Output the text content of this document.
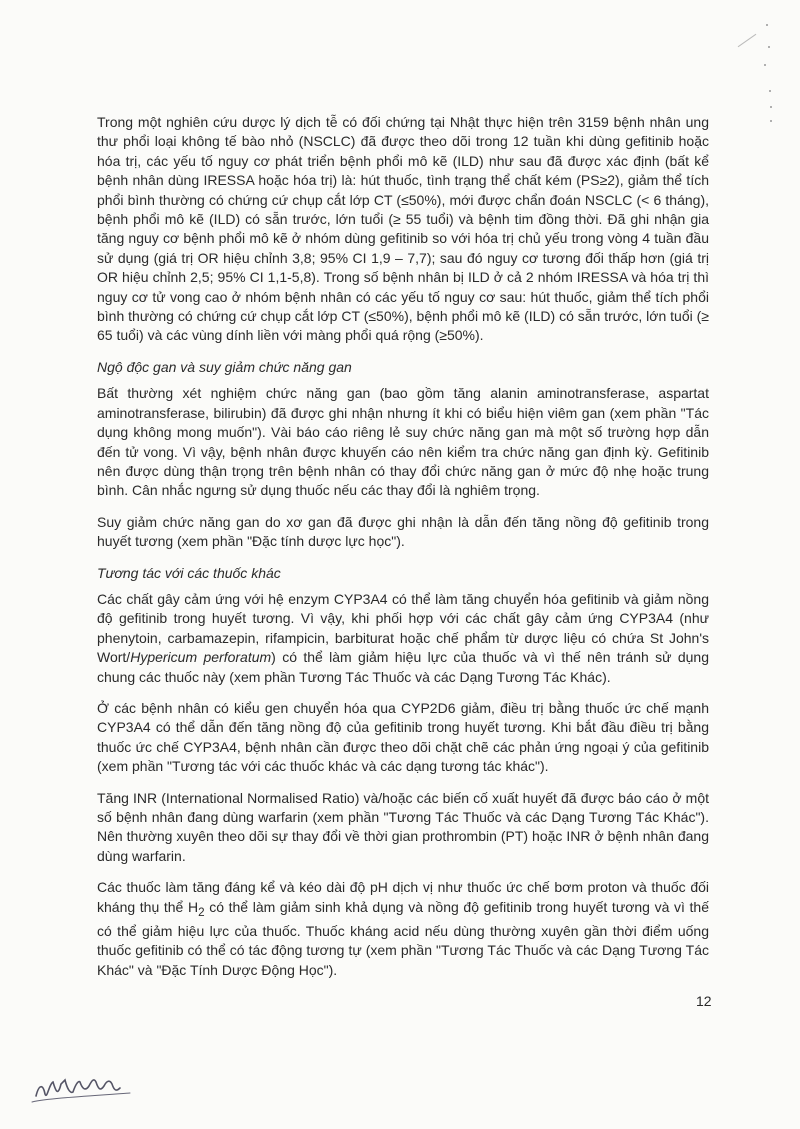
Trong một nghiên cứu dược lý dịch tễ có đối chứng tại Nhật thực hiện trên 3159 bệnh nhân ung thư phổi loại không tế bào nhỏ (NSCLC) đã được theo dõi trong 12 tuần khi dùng gefitinib hoặc hóa trị, các yếu tố nguy cơ phát triển bệnh phổi mô kẽ (ILD) như sau đã được xác định (bất kể bệnh nhân dùng IRESSA hoặc hóa trị) là: hút thuốc, tình trạng thể chất kém (PS≥2), giảm thể tích phổi bình thường có chứng cứ chụp cắt lớp CT (≤50%), mới được chẩn đoán NSCLC (< 6 tháng), bệnh phổi mô kẽ (ILD) có sẵn trước, lớn tuổi (≥ 55 tuổi) và bệnh tim đồng thời. Đã ghi nhận gia tăng nguy cơ bệnh phổi mô kẽ ở nhóm dùng gefitinib so với hóa trị chủ yếu trong vòng 4 tuần đầu sử dụng (giá trị OR hiệu chỉnh 3,8; 95% CI 1,9 – 7,7); sau đó nguy cơ tương đối thấp hơn (giá trị OR hiệu chỉnh 2,5; 95% CI 1,1-5,8). Trong số bệnh nhân bị ILD ở cả 2 nhóm IRESSA và hóa trị thì nguy cơ tử vong cao ở nhóm bệnh nhân có các yếu tố nguy cơ sau: hút thuốc, giảm thể tích phổi bình thường có chứng cứ chụp cắt lớp CT (≤50%), bệnh phổi mô kẽ (ILD) có sẵn trước, lớn tuổi (≥ 65 tuổi) và các vùng dính liền với màng phổi quá rộng (≥50%).

Ngộ độc gan và suy giảm chức năng gan

Bất thường xét nghiệm chức năng gan (bao gồm tăng alanin aminotransferase, aspartat aminotransferase, bilirubin) đã được ghi nhận nhưng ít khi có biểu hiện viêm gan (xem phần "Tác dụng không mong muốn"). Vài báo cáo riêng lẻ suy chức năng gan mà một số trường hợp dẫn đến tử vong. Vì vậy, bệnh nhân được khuyến cáo nên kiểm tra chức năng gan định kỳ. Gefitinib nên được dùng thận trọng trên bệnh nhân có thay đổi chức năng gan ở mức độ nhẹ hoặc trung bình. Cân nhắc ngưng sử dụng thuốc nếu các thay đổi là nghiêm trọng.

Suy giảm chức năng gan do xơ gan đã được ghi nhận là dẫn đến tăng nồng độ gefitinib trong huyết tương (xem phần "Đặc tính dược lực học").

Tương tác với các thuốc khác

Các chất gây cảm ứng với hệ enzym CYP3A4 có thể làm tăng chuyển hóa gefitinib và giảm nồng độ gefitinib trong huyết tương. Vì vậy, khi phối hợp với các chất gây cảm ứng CYP3A4 (như phenytoin, carbamazepin, rifampicin, barbiturat hoặc chế phẩm từ dược liệu có chứa St John's Wort/Hypericum perforatum) có thể làm giảm hiệu lực của thuốc và vì thế nên tránh sử dụng chung các thuốc này (xem phần Tương Tác Thuốc và các Dạng Tương Tác Khác).

Ở các bệnh nhân có kiểu gen chuyển hóa qua CYP2D6 giảm, điều trị bằng thuốc ức chế mạnh CYP3A4 có thể dẫn đến tăng nồng độ của gefitinib trong huyết tương. Khi bắt đầu điều trị bằng thuốc ức chế CYP3A4, bệnh nhân cần được theo dõi chặt chẽ các phản ứng ngoại ý của gefitinib (xem phần "Tương tác với các thuốc khác và các dạng tương tác khác").

Tăng INR (International Normalised Ratio) và/hoặc các biến cố xuất huyết đã được báo cáo ở một số bệnh nhân đang dùng warfarin (xem phần "Tương Tác Thuốc và các Dạng Tương Tác Khác"). Nên thường xuyên theo dõi sự thay đổi về thời gian prothrombin (PT) hoặc INR ở bệnh nhân đang dùng warfarin.

Các thuốc làm tăng đáng kể và kéo dài độ pH dịch vị như thuốc ức chế bơm proton và thuốc đối kháng thụ thể $H_2$ có thể làm giảm sinh khả dụng và nồng độ gefitinib trong huyết tương và vì thế có thể giảm hiệu lực của thuốc. Thuốc kháng acid nếu dùng thường xuyên gần thời điểm uống thuốc gefitinib có thể có tác động tương tự (xem phần "Tương Tác Thuốc và các Dạng Tương Tác Khác" và "Đặc Tính Dược Động Học").

12
